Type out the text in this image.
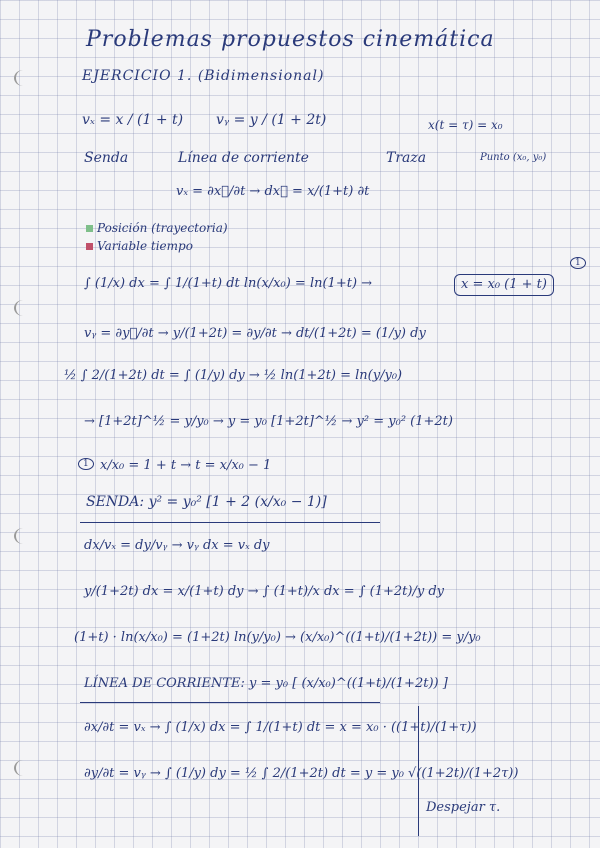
Problemas propuestos cinemática
EJERCICIO 1. (Bidimensional)
vₓ = x / (1 + t) vᵧ = y / (1 + 2t)	x(t = τ) = x₀
Senda	Línea de corriente	Traza	Punto (x₀, y₀)
vₓ = ∂x⃗/∂t → dx⃗ = x/(1+t) ∂t
Posición (trayectoria)
Variable tiempo
∫ (1/x) dx = ∫ 1/(1+t) dt ln(x/x₀) = ln(1+t) →	x = x₀ (1 + t)
1
vᵧ = ∂y⃗/∂t → y/(1+2t) = ∂y/∂t → dt/(1+2t) = (1/y) dy
½ ∫ 2/(1+2t) dt = ∫ (1/y) dy → ½ ln(1+2t) = ln(y/y₀)
→ [1+2t]^½ = y/y₀ → y = y₀ [1+2t]^½ → y² = y₀² (1+2t)
1 x/x₀ = 1 + t → t = x/x₀ − 1
SENDA: y² = y₀² [1 + 2 (x/x₀ − 1)]
dx/vₓ = dy/vᵧ → vᵧ dx = vₓ dy
y/(1+2t) dx = x/(1+t) dy → ∫ (1+t)/x dx = ∫ (1+2t)/y dy
(1+t) · ln(x/x₀) = (1+2t) ln(y/y₀) → (x/x₀)^((1+t)/(1+2t)) = y/y₀
LÍNEA DE CORRIENTE: y = y₀ [ (x/x₀)^((1+t)/(1+2t)) ]
∂x/∂t = vₓ → ∫ (1/x) dx = ∫ 1/(1+t) dt = x = x₀ · ((1+t)/(1+τ))
∂y/∂t = vᵧ → ∫ (1/y) dy = ½ ∫ 2/(1+2t) dt = y = y₀ √((1+2t)/(1+2τ))
Despejar τ.
